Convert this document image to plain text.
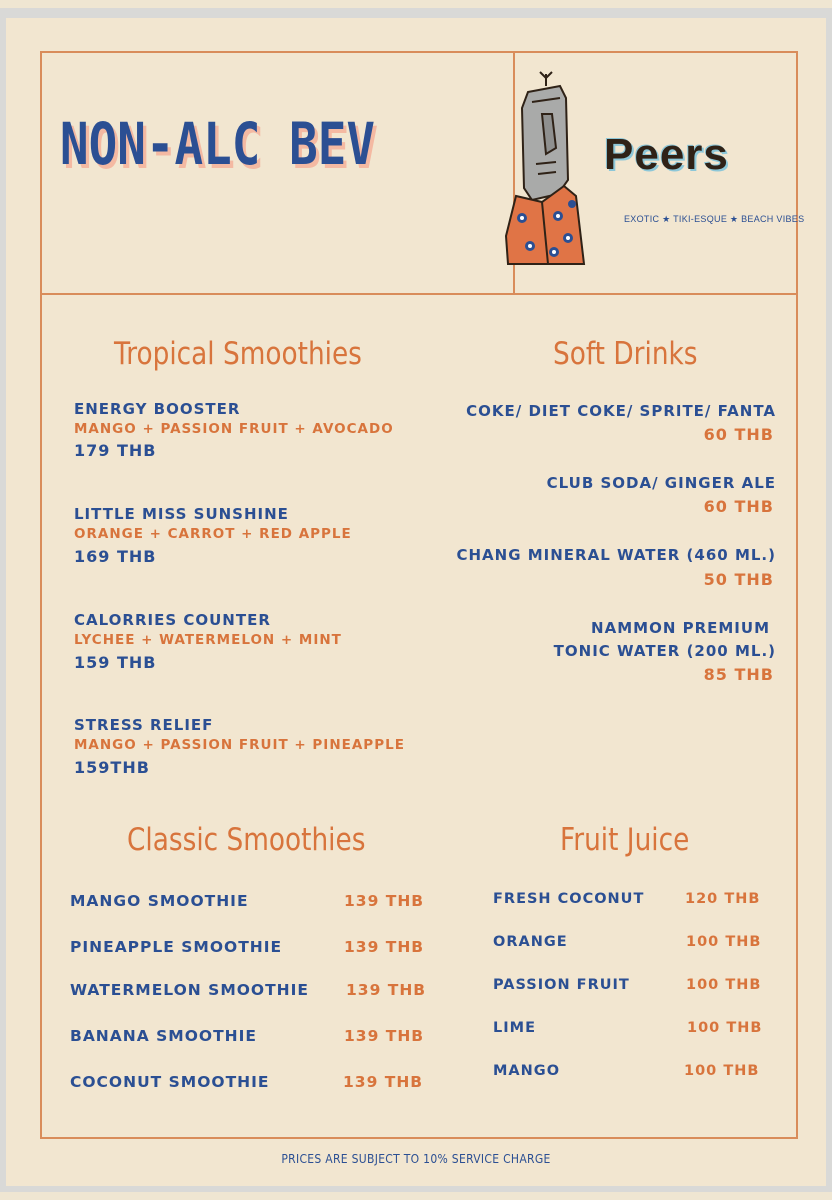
NON-ALC BEV	Peers
EXOTIC ★ TIKI-ESQUE ★ BEACH VIBES
Tropical Smoothies
ENERGY BOOSTER
MANGO + PASSION FRUIT + AVOCADO
179 THB
LITTLE MISS SUNSHINE
ORANGE + CARROT + RED APPLE
169 THB
CALORRIES COUNTER
LYCHEE + WATERMELON + MINT
159 THB
STRESS RELIEF
MANGO + PASSION FRUIT + PINEAPPLE
159THB
Soft Drinks
COKE/ DIET COKE/ SPRITE/ FANTA
60 THB
CLUB SODA/ GINGER ALE
60 THB
CHANG MINERAL WATER (460 ML.)
50 THB
NAMMON PREMIUM
TONIC WATER (200 ML.)
85 THB
Classic Smoothies
MANGO SMOOTHIE	139 THB
PINEAPPLE SMOOTHIE	139 THB
WATERMELON SMOOTHIE 139 THB
BANANA SMOOTHIE	139 THB
COCONUT SMOOTHIE	139 THB
Fruit Juice
FRESH COCONUT	120 THB
ORANGE	100 THB
PASSION FRUIT	100 THB
LIME	100 THB
MANGO	100 THB
PRICES ARE SUBJECT TO 10% SERVICE CHARGE
